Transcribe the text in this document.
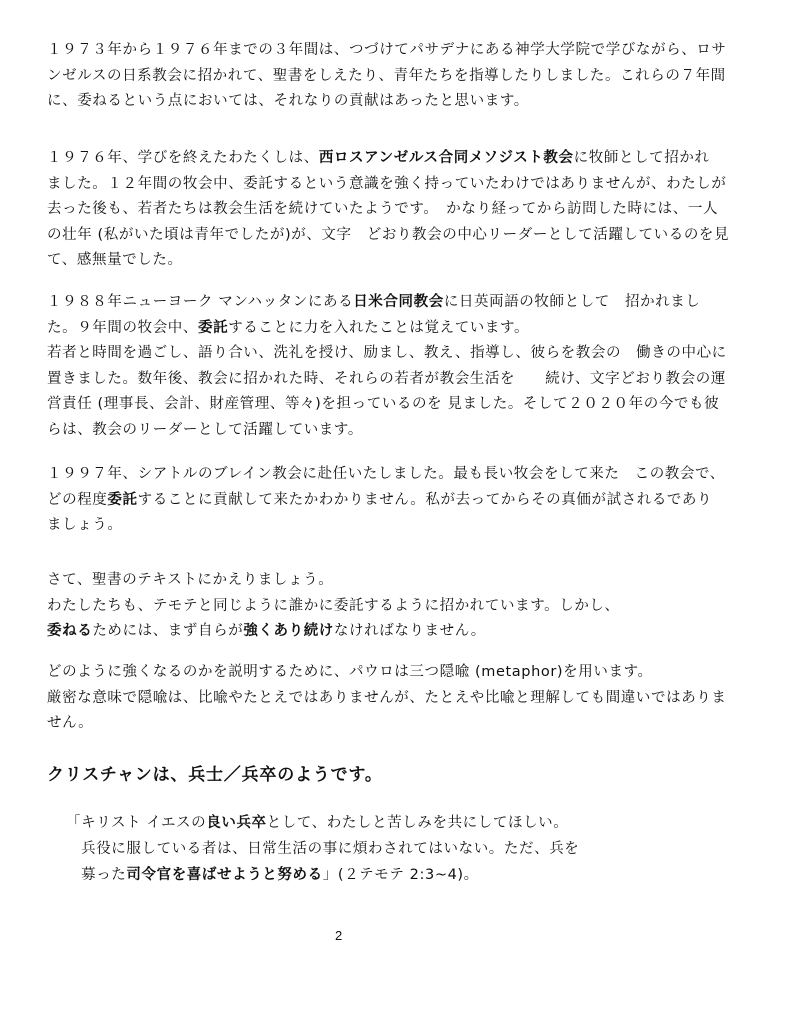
１９７３年から１９７６年までの３年間は、つづけてパサデナにある神学大学院で学びながら、ロサ
ンゼルスの日系教会に招かれて、聖書をしえたり、青年たちを指導したりしました。これらの７年間
に、委ねるという点においては、それなりの貢献はあったと思います。
１９７６年、学びを終えたわたくしは、西ロスアンゼルス合同メソジスト教会に牧師として招かれ
ました。１２年間の牧会中、委託するという意識を強く持っていたわけではありませんが、わたしが
去った後も、若者たちは教会生活を続けていたようです。　かなり経ってから訪問した時には、一人
の壮年 (私がいた頃は青年でしたが)が、文字　どおり教会の中心リーダーとして活躍しているのを見
て、感無量でした。
１９８８年ニューヨーク マンハッタンにある日米合同教会に日英両語の牧師として　招かれまし
た。９年間の牧会中、委託することに力を入れたことは覚えています。
若者と時間を過ごし、語り合い、洗礼を授け、励まし、教え、指導し、彼らを教会の　働きの中心に
置きました。数年後、教会に招かれた時、それらの若者が教会生活を　　続け、文字どおり教会の運
営責任 (理事長、会計、財産管理、等々)を担っているのを 見ました。そして２０２０年の今でも彼
らは、教会のリーダーとして活躍しています。
１９９７年、シアトルのブレイン教会に赴任いたしました。最も長い牧会をして来た　この教会で、
どの程度委託することに貢献して来たかわかりません。私が去ってからその真価が試されるであり
ましょう。
さて、聖書のテキストにかえりましょう。
わたしたちも、テモテと同じように誰かに委託するように招かれています。しかし、
委ねるためには、まず自らが強くあり続けなければなりません。
どのように強くなるのかを説明するために、パウロは三つ隠喩 (metaphor)を用います。
厳密な意味で隠喩は、比喩やたとえではありませんが、たとえや比喩と理解しても間違いではありま
せん。
クリスチャンは、兵士／兵卒のようです。
「キリスト イエスの良い兵卒として、わたしと苦しみを共にしてほしい。
　兵役に服している者は、日常生活の事に煩わされてはいない。ただ、兵を
　募った司令官を喜ばせようと努める」(２テモテ 2:3~4)。
2
